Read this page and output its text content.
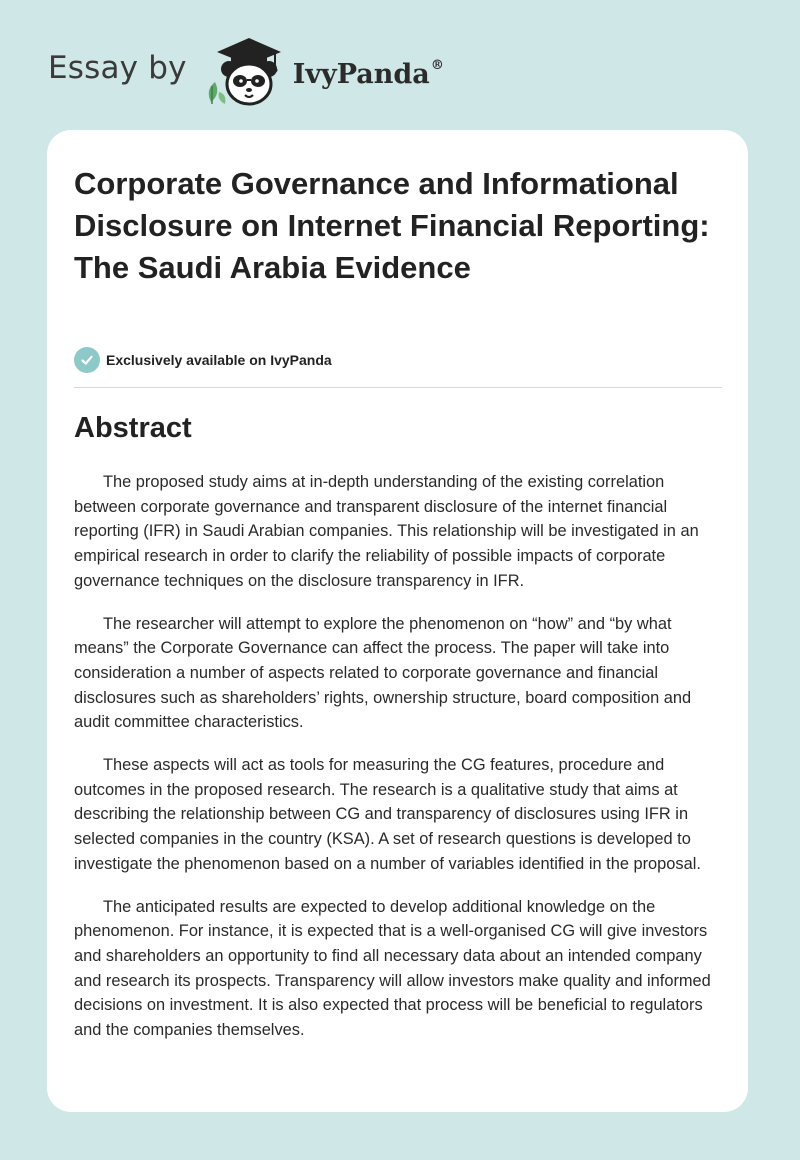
Essay by	IvyPanda®
Corporate Governance and Informational Disclosure on Internet Financial Reporting: The Saudi Arabia Evidence
Exclusively available on IvyPanda
Abstract

The proposed study aims at in-depth understanding of the existing correlation between corporate governance and transparent disclosure of the internet financial reporting (IFR) in Saudi Arabian companies. This relationship will be investigated in an empirical research in order to clarify the reliability of possible impacts of corporate governance techniques on the disclosure transparency in IFR.

The researcher will attempt to explore the phenomenon on “how” and “by what means” the Corporate Governance can affect the process. The paper will take into consideration a number of aspects related to corporate governance and financial disclosures such as shareholders’ rights, ownership structure, board composition and audit committee characteristics.

These aspects will act as tools for measuring the CG features, procedure and outcomes in the proposed research. The research is a qualitative study that aims at describing the relationship between CG and transparency of disclosures using IFR in selected companies in the country (KSA). A set of research questions is developed to investigate the phenomenon based on a number of variables identified in the proposal.

The anticipated results are expected to develop additional knowledge on the phenomenon. For instance, it is expected that is a well-organised CG will give investors and shareholders an opportunity to find all necessary data about an intended company and research its prospects. Transparency will allow investors make quality and informed decisions on investment. It is also expected that process will be beneficial to regulators and the companies themselves.
